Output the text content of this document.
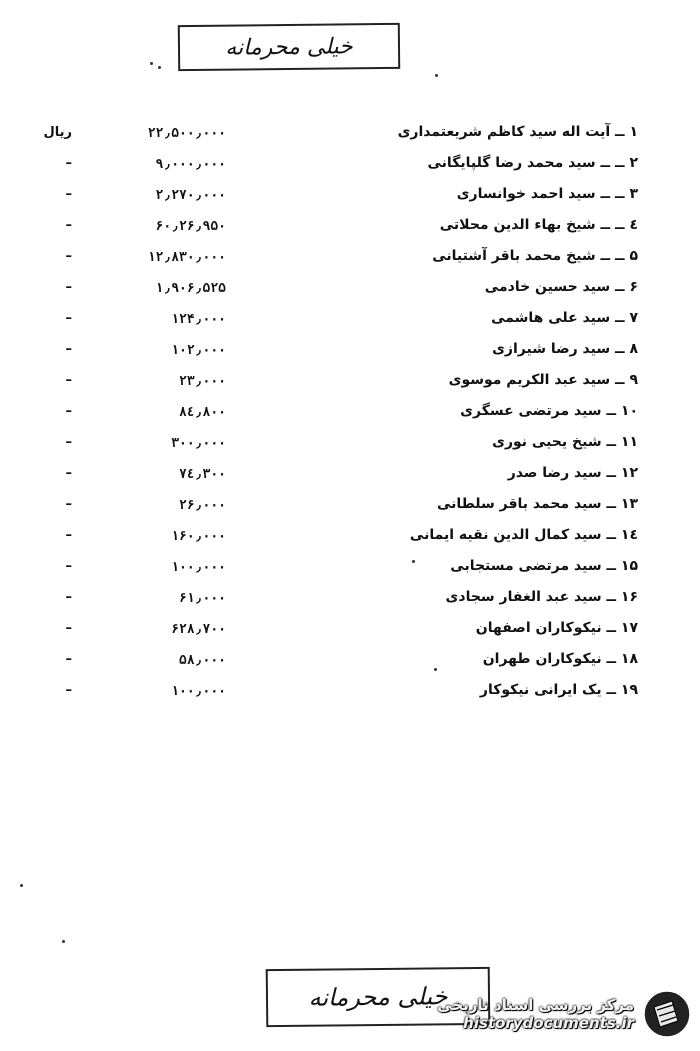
خیلی محرمانه
۱ ــ آیت اله سید کاظم شریعتمداری
۲۲٫۵۰۰٫۰۰۰
ریال
۲ ــ ــ سید محمد رضا گلپایگانی
۹٫۰۰۰٫۰۰۰
–
۳ ــ ــ سید احمد خوانساری
۲٫۲۷۰٫۰۰۰
–
٤ ــ ــ شیخ بهاء الدین محلاتی
۶۰٫۲۶٫۹۵۰
–
۵ ــ ــ شیخ محمد باقر آشتیانی
۱۲٫۸۳۰٫۰۰۰
–
۶ ــ سید حسین خادمی
۱٫۹۰۶٫۵۲۵
–
۷ ــ سید علی هاشمی
۱۲۴٫۰۰۰
–
۸ ــ سید رضا شیرازی
۱۰۲٫۰۰۰
–
۹ ــ سید عبد الکریم موسوی
۲۳٫۰۰۰
–
۱۰ ــ سید مرتضی عسگری
۸٤٫۸۰۰
–
۱۱ ــ شیخ یحیی نوری
۳۰۰٫۰۰۰
–
۱۲ ــ سید رضا صدر
۷٤٫۳۰۰
–
۱۳ ــ سید محمد باقر سلطانی
۲۶٫۰۰۰
–
۱٤ ــ سید کمال الدین نقیه ایمانی
۱۶۰٫۰۰۰
–
۱۵ ــ سید مرتضی مستجابی
۱۰۰٫۰۰۰
–
۱۶ ــ سید عبد الغفار سجادی
۶۱٫۰۰۰
–
۱۷ ــ نیکوکاران اصفهان
۶۲۸٫۷۰۰
–
۱۸ ــ نیکوکاران طهران
۵۸٫۰۰۰
–
۱۹ ــ یک ایرانی نیکوکار
۱۰۰٫۰۰۰
–
خیلی محرمانه
مرکز بررسی اسناد تاریخی
historydocuments.ir
